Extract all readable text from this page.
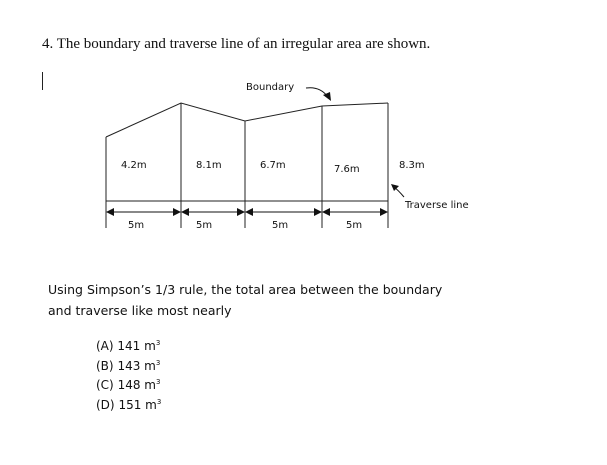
4. The boundary and traverse line of an irregular area are shown.
4.2m	8.1m	6.7m	7.6m	8.3m
5m	5m	5m	5m
Boundary
Traverse line
Using Simpson’s 1/3 rule, the total area between the boundary and traverse like most nearly
(A) 141 $m^3$
(B) 143 $m^3$
(C) 148 $m^3$
(D) 151 $m^3$
